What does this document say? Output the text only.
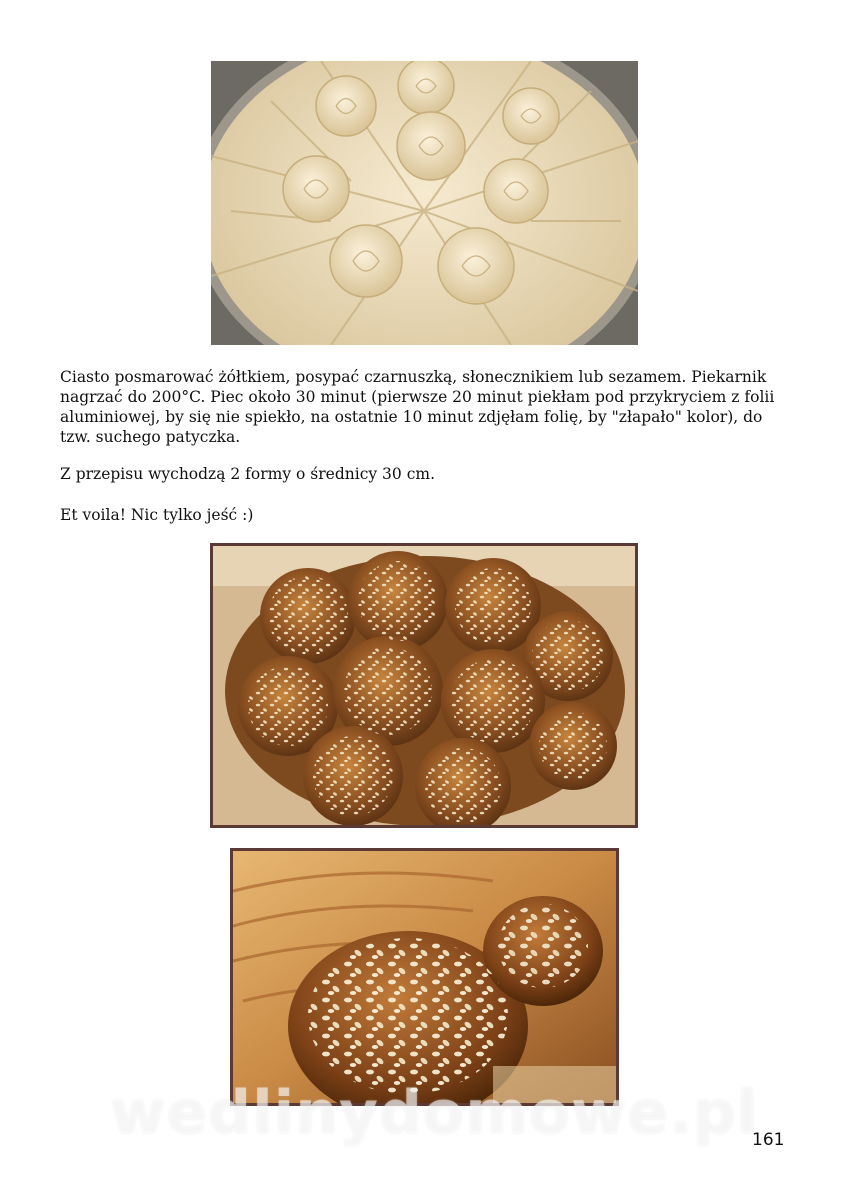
Ciasto posmarować żółtkiem, posypać czarnuszką, słonecznikiem lub sezamem. Piekarnik nagrzać do 200°C. Piec około 30 minut (pierwsze 20 minut piekłam pod przykryciem z folii aluminiowej, by się nie spiekło, na ostatnie 10 minut zdjęłam folię, by "złapało" kolor), do tzw. suchego patyczka.
Z przepisu wychodzą 2 formy o średnicy 30 cm.
Et voila! Nic tylko jeść :)
wedlinydomowe.pl
161
